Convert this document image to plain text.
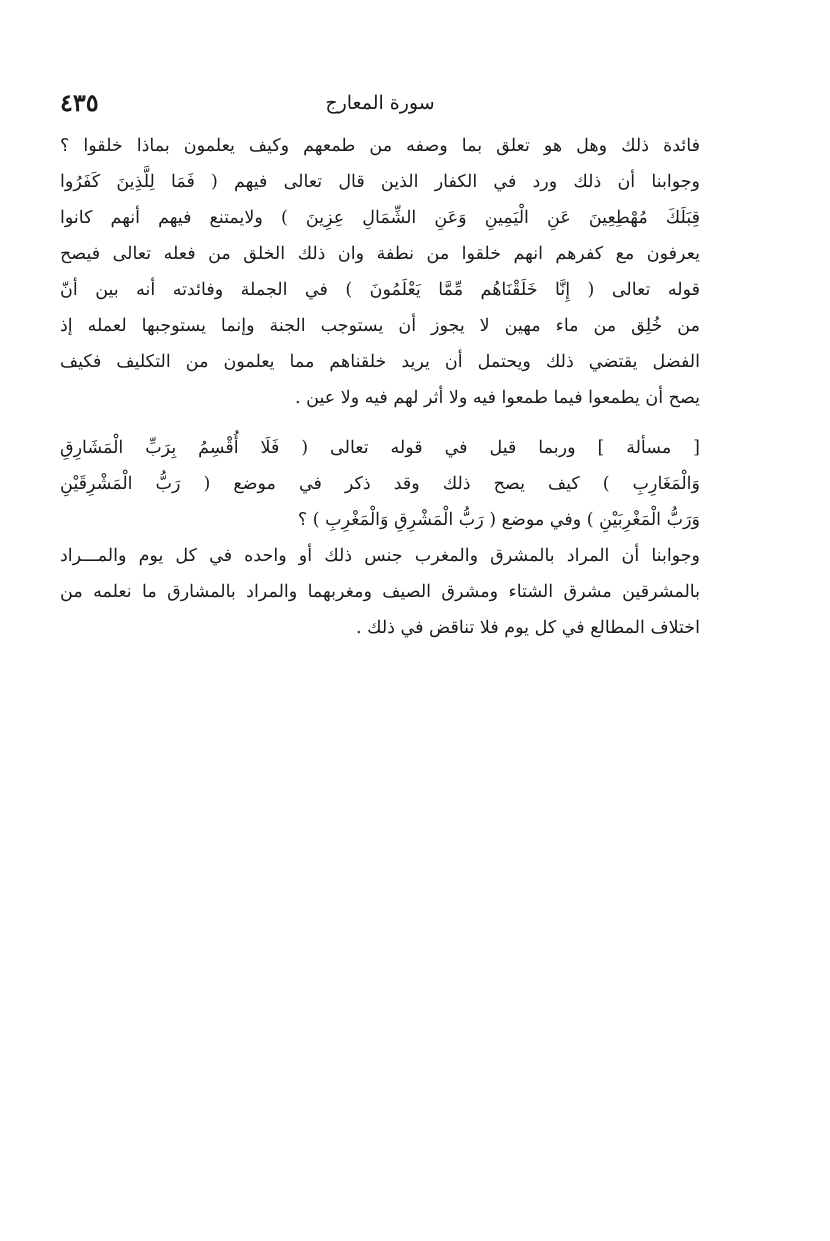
سورة المعارج
٤٣٥
فائدة ذلك وهل هو تعلق بما وصفه من طمعهم وكيف يعلمون بماذا خلقوا ؟
وجوابنا أن ذلك ورد في الكفار الذين قال تعالى فيهم ( فَمَا لِلَّذِينَ كَفَرُوا
قِبَلَكَ مُهْطِعِينَ عَنِ الْيَمِينِ وَعَنِ الشِّمَالِ عِزِينَ ) ولايمتنع فيهم أنهم كانوا
يعرفون مع كفرهم انهم خلقوا من نطفة وان ذلك الخلق من فعله تعالى فيصح
قوله تعالى ( إِنَّا خَلَقْنَاهُم مِّمَّا يَعْلَمُونَ ) في الجملة وفائدته أنه بين أنّ
من خُلِق من ماء مهين لا يجوز أن يستوجب الجنة وإنما يستوجبها لعمله إذ
الفضل يقتضي ذلك ويحتمل أن يريد خلقناهم مما يعلمون من التكليف فكيف
يصح أن يطمعوا فيما طمعوا فيه ولا أثر لهم فيه ولا عين .
[ مسألة ] وربما قيل في قوله تعالى ( فَلَا أُقْسِمُ بِرَبِّ الْمَشَارِقِ
وَالْمَغَارِبِ ) كيف يصح ذلك وقد ذكر في موضع ( رَبُّ الْمَشْرِقَيْنِ
وَرَبُّ الْمَغْرِبَيْنِ ) وفي موضع ( رَبُّ الْمَشْرِقِ وَالْمَغْرِبِ ) ؟
وجوابنا أن المراد بالمشرق والمغرب جنس ذلك أو واحده في كل يوم والمـــراد
بالمشرقين مشرق الشتاء ومشرق الصيف ومغربهما والمراد بالمشارق ما نعلمه من
اختلاف المطالع في كل يوم فلا تناقض في ذلك .
